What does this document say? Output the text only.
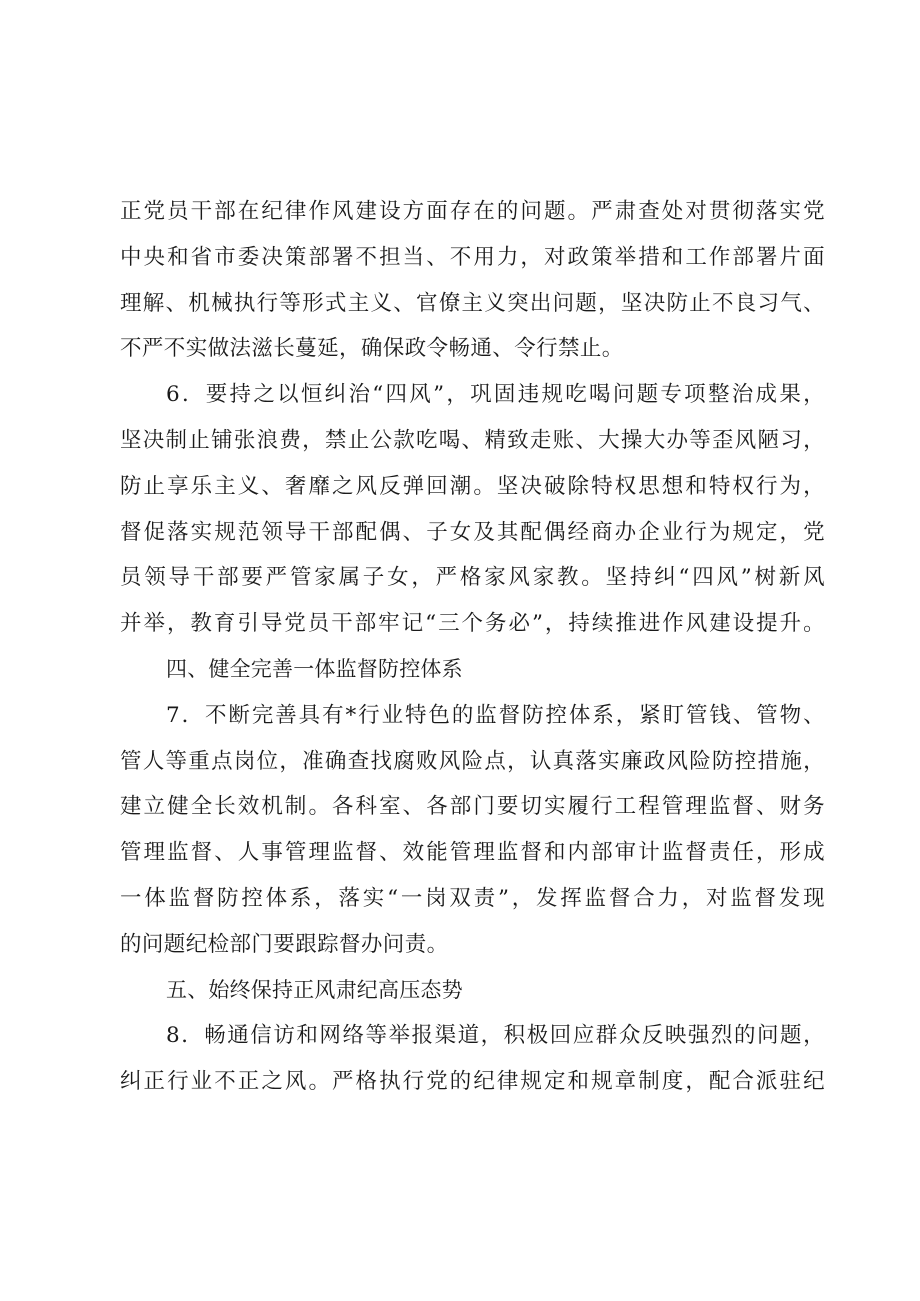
正党员干部在纪律作风建设方面存在的问题。严肃查处对贯彻落实党
中央和省市委决策部署不担当、不用力，对政策举措和工作部署片面
理解、机械执行等形式主义、官僚主义突出问题，坚决防止不良习气、
不严不实做法滋长蔓延，确保政令畅通、令行禁止。
6．要持之以恒纠治“四风”，巩固违规吃喝问题专项整治成果，
坚决制止铺张浪费，禁止公款吃喝、精致走账、大操大办等歪风陋习，
防止享乐主义、奢靡之风反弹回潮。坚决破除特权思想和特权行为，
督促落实规范领导干部配偶、子女及其配偶经商办企业行为规定，党
员领导干部要严管家属子女，严格家风家教。坚持纠“四风”树新风
并举，教育引导党员干部牢记“三个务必”，持续推进作风建设提升。
四、健全完善一体监督防控体系
7．不断完善具有*行业特色的监督防控体系，紧盯管钱、管物、
管人等重点岗位，准确查找腐败风险点，认真落实廉政风险防控措施，
建立健全长效机制。各科室、各部门要切实履行工程管理监督、财务
管理监督、人事管理监督、效能管理监督和内部审计监督责任，形成
一体监督防控体系，落实“一岗双责”，发挥监督合力，对监督发现
的问题纪检部门要跟踪督办问责。
五、始终保持正风肃纪高压态势
8．畅通信访和网络等举报渠道，积极回应群众反映强烈的问题，
纠正行业不正之风。严格执行党的纪律规定和规章制度，配合派驻纪
